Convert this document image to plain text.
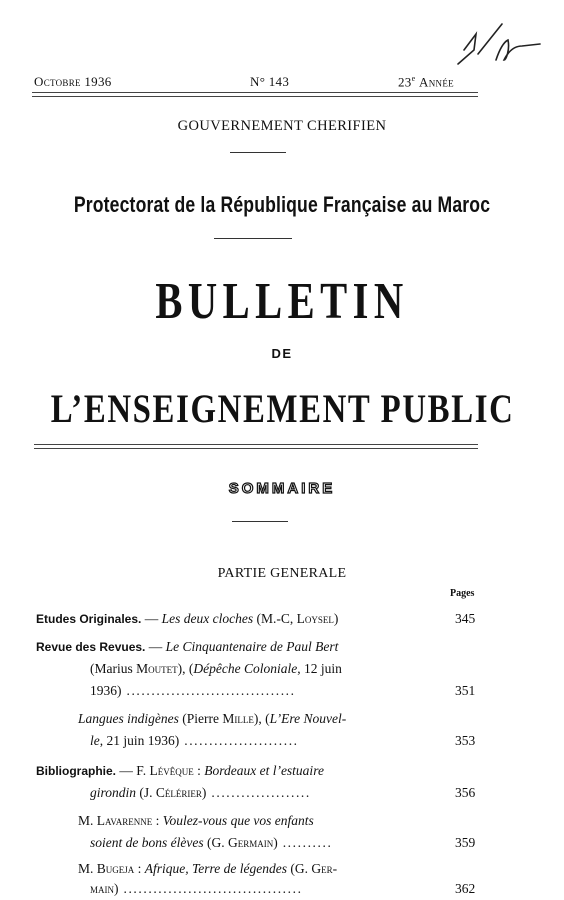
Octobre 1936	N° 143	23e Année
GOUVERNEMENT CHERIFIEN
Protectorat de la République Française au Maroc
BULLETIN
DE
L’ENSEIGNEMENT PUBLIC
SOMMAIRE
PARTIE GENERALE
Pages
Etudes Originales. — Les deux cloches (M.-C, Loysel)	345
Revue des Revues. — Le Cinquantenaire de Paul Bert
(Marius Moutet), (Dépêche Coloniale, 12 juin
1936) ..................................	351
Langues indigènes (Pierre Mille), (L’Ere Nouvel-
le, 21 juin 1936) .......................	353
Bibliographie. — F. Lévêque : Bordeaux et l’estuaire
girondin (J. Célérier) ....................	356
M. Lavarenne : Voulez-vous que vos enfants
soient de bons élèves (G. Germain) ..........	359
M. Bugeja : Afrique, Terre de légendes (G. Ger-
main) ....................................	362
